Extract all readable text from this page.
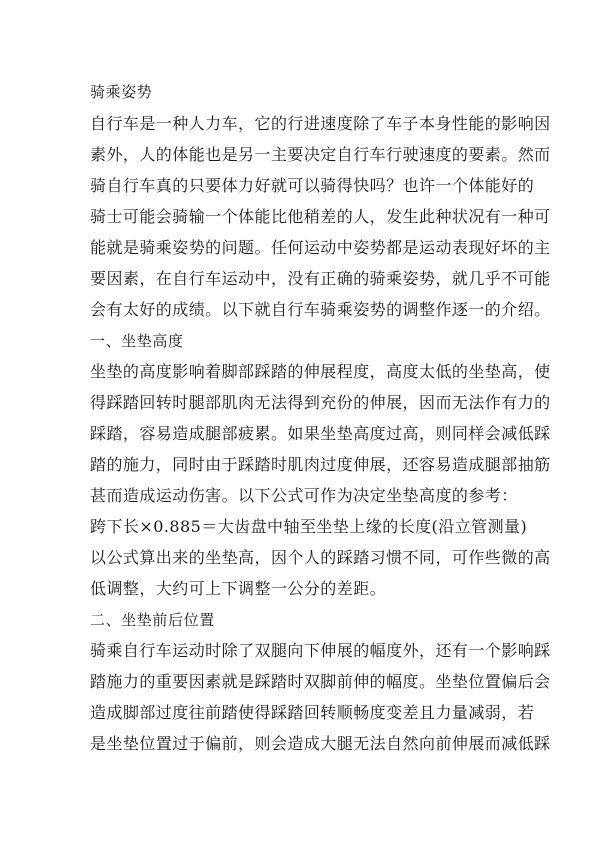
骑乘姿势

自行车是一种人力车，它的行进速度除了车子本身性能的影响因

素外，人的体能也是另一主要决定自行车行驶速度的要素。然而

骑自行车真的只要体力好就可以骑得快吗？也许一个体能好的

骑士可能会骑输一个体能比他稍差的人，发生此种状况有一种可

能就是骑乘姿势的问题。任何运动中姿势都是运动表现好坏的主

要因素，在自行车运动中，没有正确的骑乘姿势，就几乎不可能

会有太好的成绩。以下就自行车骑乘姿势的调整作逐一的介绍。

一、坐垫高度

坐垫的高度影响着脚部踩踏的伸展程度，高度太低的坐垫高，使

得踩踏回转时腿部肌肉无法得到充份的伸展，因而无法作有力的

踩踏，容易造成腿部疲累。如果坐垫高度过高，则同样会减低踩

踏的施力，同时由于踩踏时肌肉过度伸展，还容易造成腿部抽筋

甚而造成运动伤害。以下公式可作为决定坐垫高度的参考：

跨下长×0.885＝大齿盘中轴至坐垫上缘的长度(沿立管测量)

以公式算出来的坐垫高，因个人的踩踏习惯不同，可作些微的高

低调整，大约可上下调整一公分的差距。

二、坐垫前后位置

骑乘自行车运动时除了双腿向下伸展的幅度外，还有一个影响踩

踏施力的重要因素就是踩踏时双脚前伸的幅度。坐垫位置偏后会

造成脚部过度往前踏使得踩踏回转顺畅度变差且力量减弱，若

是坐垫位置过于偏前，则会造成大腿无法自然向前伸展而减低踩
